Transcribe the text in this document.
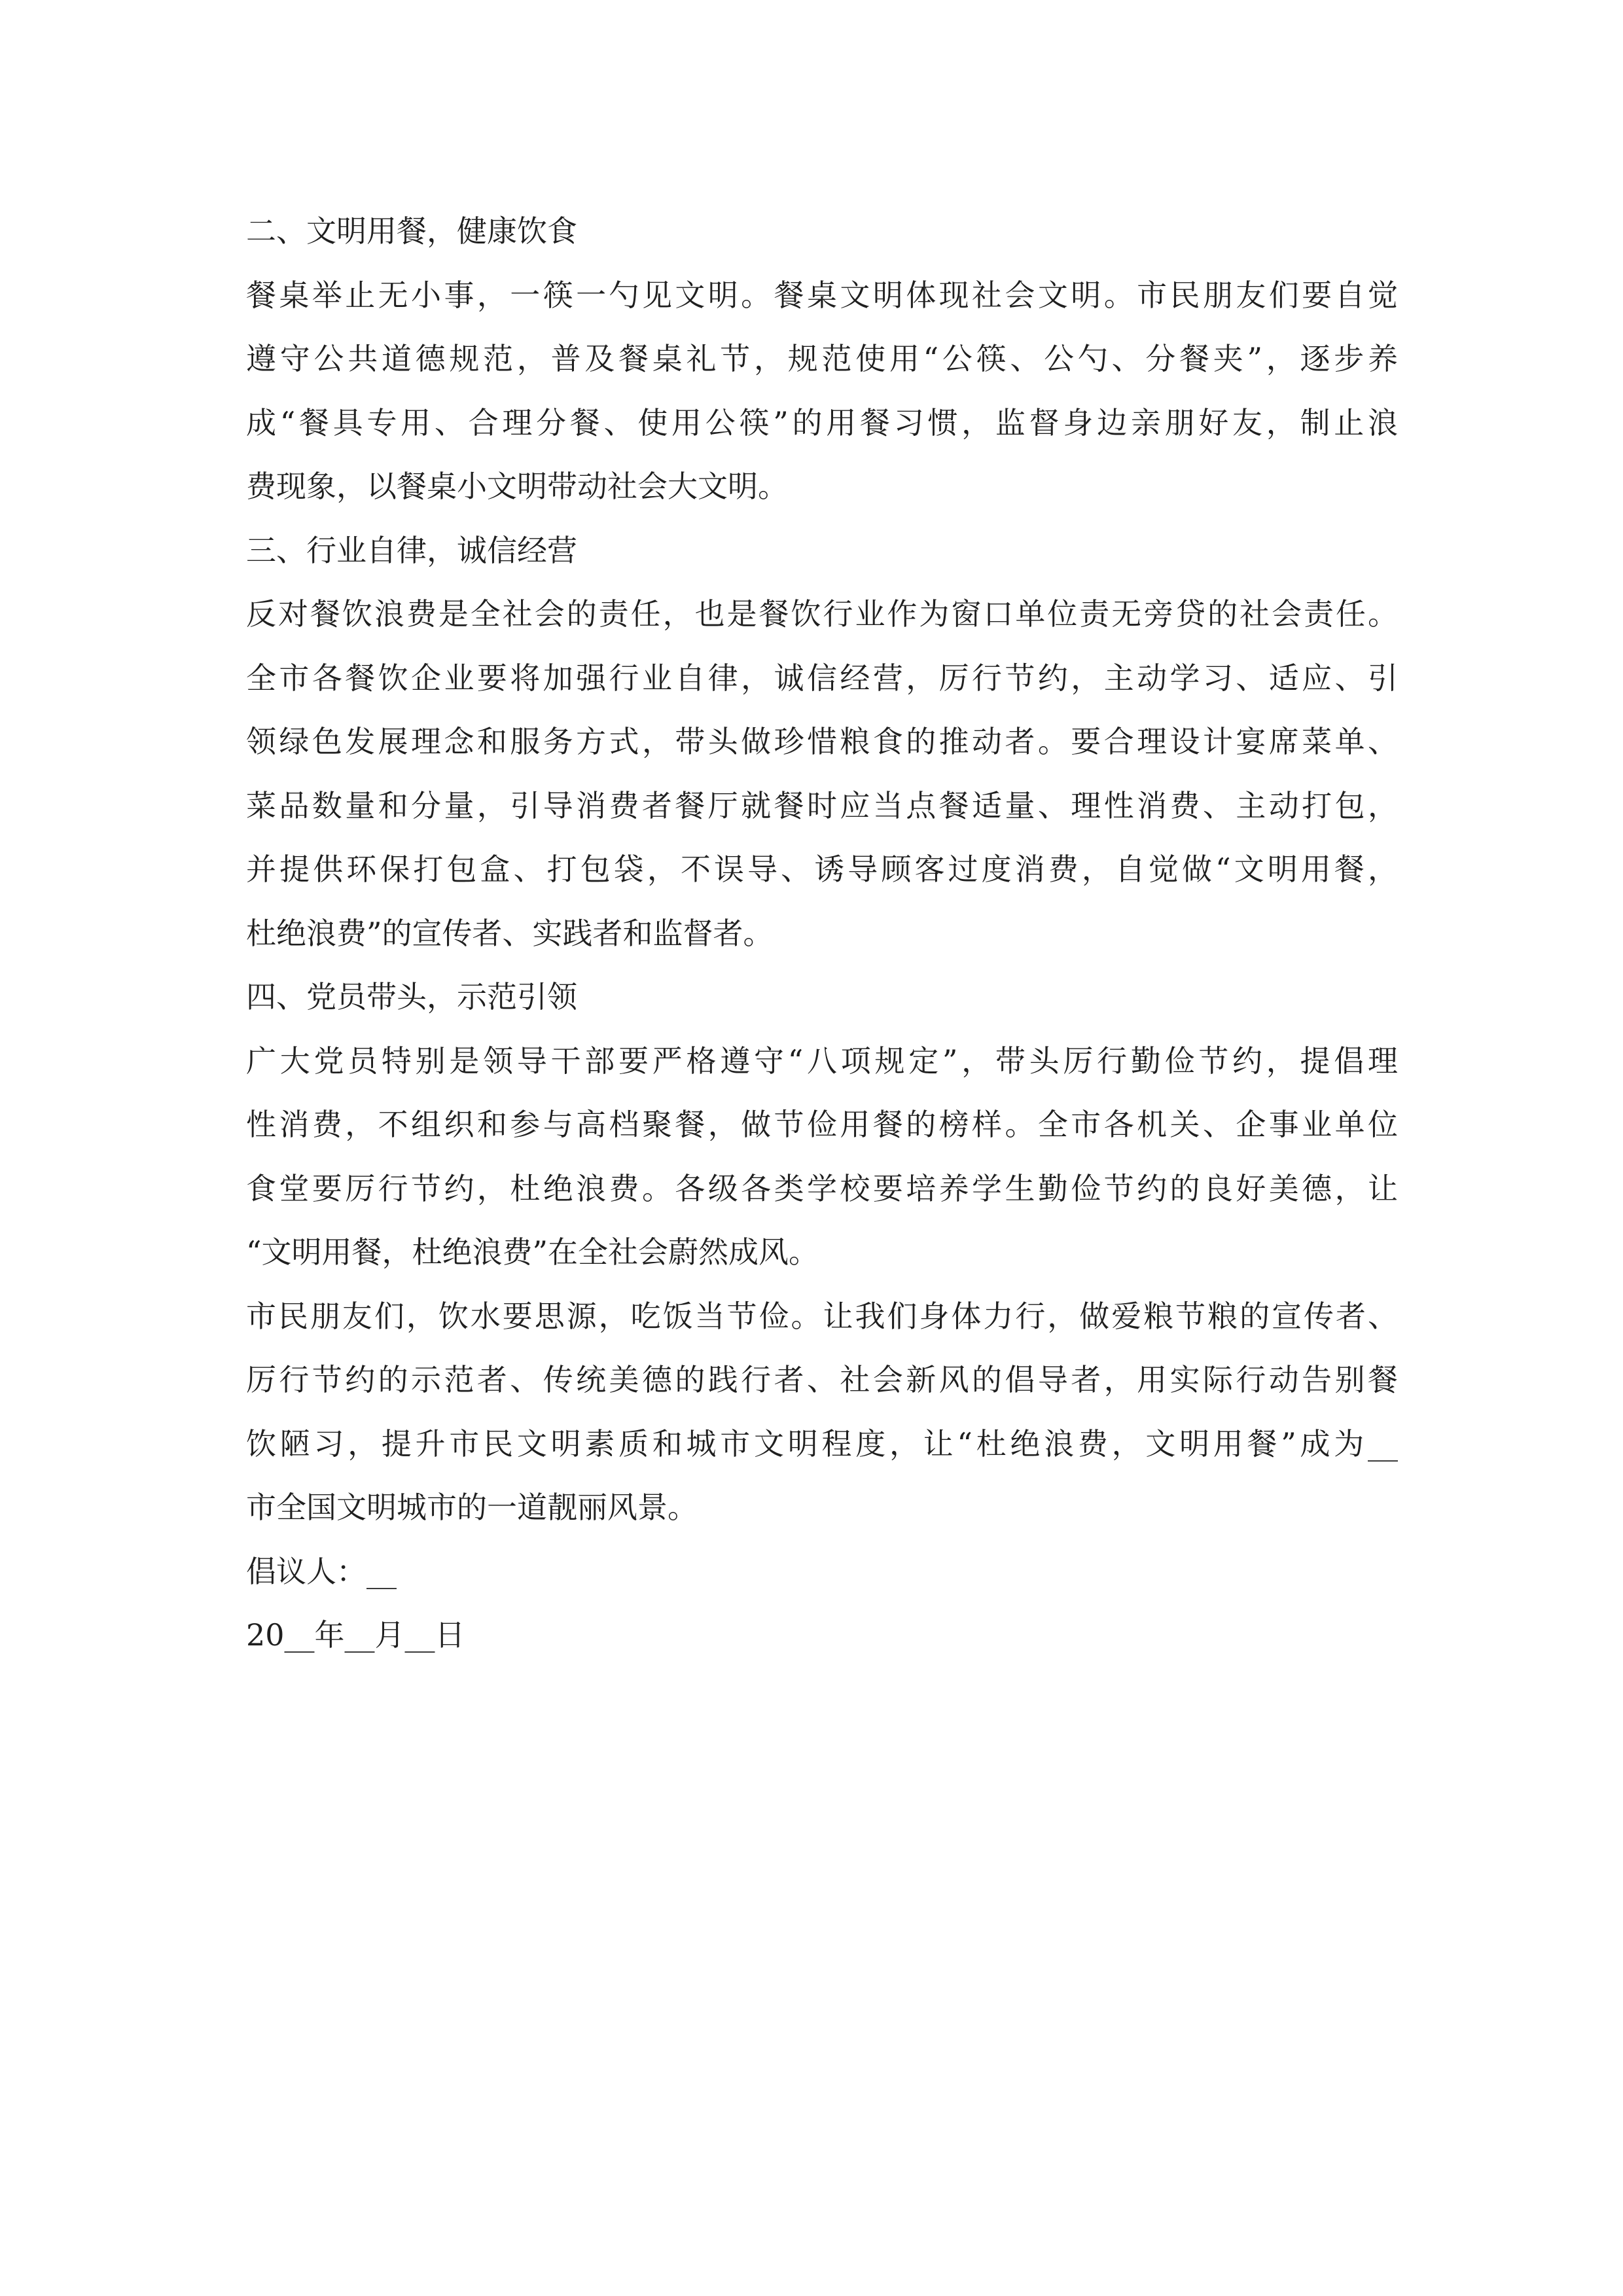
二、文明用餐，健康饮食
餐桌举止无小事，一筷一勺见文明。餐桌文明体现社会文明。市民朋友们要自觉
遵守公共道德规范，普及餐桌礼节，规范使用“公筷、公勺、分餐夹”，逐步养
成“餐具专用、合理分餐、使用公筷”的用餐习惯，监督身边亲朋好友，制止浪
费现象，以餐桌小文明带动社会大文明。
三、行业自律，诚信经营
反对餐饮浪费是全社会的责任，也是餐饮行业作为窗口单位责无旁贷的社会责任。
全市各餐饮企业要将加强行业自律，诚信经营，厉行节约，主动学习、适应、引
领绿色发展理念和服务方式，带头做珍惜粮食的推动者。要合理设计宴席菜单、
菜品数量和分量，引导消费者餐厅就餐时应当点餐适量、理性消费、主动打包，
并提供环保打包盒、打包袋，不误导、诱导顾客过度消费，自觉做“文明用餐，
杜绝浪费”的宣传者、实践者和监督者。
四、党员带头，示范引领
广大党员特别是领导干部要严格遵守“八项规定”，带头厉行勤俭节约，提倡理
性消费，不组织和参与高档聚餐，做节俭用餐的榜样。全市各机关、企事业单位
食堂要厉行节约，杜绝浪费。各级各类学校要培养学生勤俭节约的良好美德，让
“文明用餐，杜绝浪费”在全社会蔚然成风。
市民朋友们，饮水要思源，吃饭当节俭。让我们身体力行，做爱粮节粮的宣传者、
厉行节约的示范者、传统美德的践行者、社会新风的倡导者，用实际行动告别餐
饮陋习，提升市民文明素质和城市文明程度，让“杜绝浪费，文明用餐”成为__
市全国文明城市的一道靓丽风景。
倡议人：__
20__年__月__日
